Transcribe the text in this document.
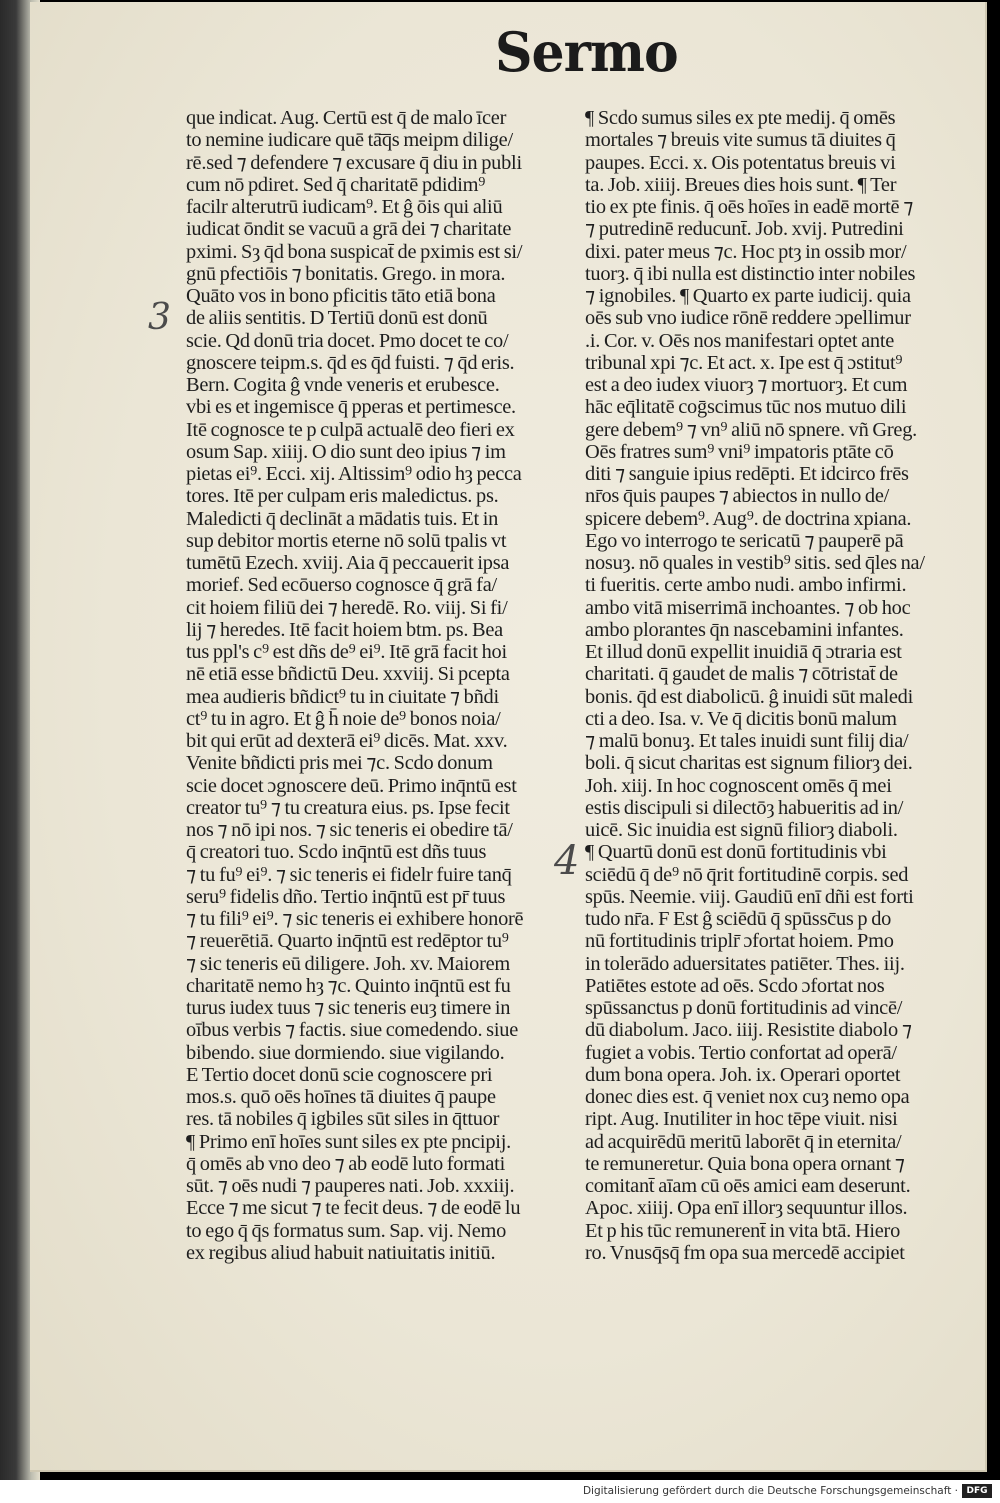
Sermo
3
4
que indicat. Aug. Certū est q̄ de malo īcer
to nemine iudicare quē tā̄q̄s meipm dilige/
rē.sed ⁊ defendere ⁊ excusare q̄ diu in publi
cum nō pdiret. Sed q̄ charitatē pdidim⁹
facilr alterutrū iudicam⁹. Et ĝ ōis qui aliū
iudicat ōndit se vacuū a grā dei ⁊ charitate
pximi. Sȝ q̄d bona suspicat̄ de pximis est si/
gnū pfectiōis ⁊ bonitatis. Grego. in mora.
Quāto vos in bono pficitis tāto etiā bona
de aliis sentitis. D Tertiū donū est donū
scie. Qd donū tria docet. Pmo docet te co/
gnoscere teipm.s. q̄d es q̄d fuisti. ⁊ q̄d eris.
Bern. Cogita ĝ vnde veneris et erubesce.
vbi es et ingemisce q̄ pperas et pertimesce.
Itē cognosce te p culpā actualē deo fieri ex
osum Sap. xiiij. O dio sunt deo ipius ⁊ im
pietas ei⁹. Ecci. xij. Altissim⁹ odio hȝ pecca
tores. Itē per culpam eris maledictus. ps.
Maledicti q̄ declināt a mādatis tuis. Et in
sup debitor mortis eterne nō solū tpalis vt
tumētū Ezech. xviij. Aia q̄ peccauerit ipsa
morief. Sed ecōuerso cognosce q̄ grā fa/
cit hoiem filiū dei ⁊ heredē. Ro. viij. Si fi/
lij ⁊ heredes. Itē facit hoiem btm. ps. Bea
tus ppl's c⁹ est dñs de⁹ ei⁹. Itē grā facit hoi
nē etiā esse bñdictū Deu. xxviij. Si pcepta
mea audieris bñdict⁹ tu in ciuitate ⁊ bñdi
ct⁹ tu in agro. Et ĝ h̄ noie de⁹ bonos noia/
bit qui erūt ad dexterā ei⁹ dicēs. Mat. xxv.
Venite bñdicti pris mei ⁊c. Scdo donum
scie docet ɔgnoscere deū. Primo inq̄ntū est
creator tu⁹ ⁊ tu creatura eius. ps. Ipse fecit
nos ⁊ nō ipi nos. ⁊ sic teneris ei obedire tā/
q̄ creatori tuo. Scdo inq̄ntū est dñs tuus
⁊ tu fu⁹ ei⁹. ⁊ sic teneris ei fidelr fuire tanq̄
seru⁹ fidelis dño. Tertio inq̄ntū est pr̄ tuus
⁊ tu fili⁹ ei⁹. ⁊ sic teneris ei exhibere honorē
⁊ reuerētiā. Quarto inq̄ntū est redēptor tu⁹
⁊ sic teneris eū diligere. Joh. xv. Maiorem
charitatē nemo hȝ ⁊c. Quinto inq̄ntū est fu
turus iudex tuus ⁊ sic teneris euȝ timere in
oībus verbis ⁊ factis. siue comedendo. siue
bibendo. siue dormiendo. siue vigilando.
E Tertio docet donū scie cognoscere pri
mos.s. quō oēs hoīnes tā diuites q̄ paupe
res. tā nobiles q̄ igbiles sūt siles in q̄ttuor
¶ Primo enī hoīes sunt siles ex pte pncipij.
q̄ omēs ab vno deo ⁊ ab eodē luto formati
sūt. ⁊ oēs nudi ⁊ pauperes nati. Job. xxxiij.
Ecce ⁊ me sicut ⁊ te fecit deus. ⁊ de eodē lu
to ego q̄ q̄s formatus sum. Sap. vij. Nemo
ex regibus aliud habuit natiuitatis initiū.
¶ Scdo sumus siles ex pte medij. q̄ omēs
mortales ⁊ breuis vite sumus tā diuites q̄
paupes. Ecci. x. Ois potentatus breuis vi
ta. Job. xiiij. Breues dies hois sunt. ¶ Ter
tio ex pte finis. q̄ oēs hoīes in eadē mortē ⁊
⁊ putredinē reducunt̄. Job. xvij. Putredini
dixi. pater meus ⁊c. Hoc ptȝ in ossib mor/
tuorȝ. q̄ ibi nulla est distinctio inter nobiles
⁊ ignobiles. ¶ Quarto ex parte iudicij. quia
oēs sub vno iudice rōnē reddere ɔpellimur
.i. Cor. v. Oēs nos manifestari optet ante
tribunal xpi ⁊c. Et act. x. Ipe est q̄ ɔstitut⁹
est a deo iudex viuorȝ ⁊ mortuorȝ. Et cum
hāc eq̄litatē coḡscimus tūc nos mutuo dili
gere debem⁹ ⁊ vn⁹ aliū nō spnere. vñ Greg.
Oēs fratres sum⁹ vni⁹ impatoris ptāte cō
diti ⁊ sanguie ipius redēpti. Et idcirco frēs
nr̄os q̄uis paupes ⁊ abiectos in nullo de/
spicere debem⁹. Aug⁹. de doctrina xpiana.
Ego vo interrogo te sericatū ⁊ pauperē pā
nosuȝ. nō quales in vestib⁹ sitis. sed q̄les na/
ti fueritis. certe ambo nudi. ambo infirmi.
ambo vitā miserrimā inchoantes. ⁊ ob hoc
ambo plorantes q̄n nascebamini infantes.
Et illud donū expellit inuidiā q̄ ɔtraria est
charitati. q̄ gaudet de malis ⁊ cōtristat̄ de
bonis. q̄d est diabolicū. ĝ inuidi sūt maledi
cti a deo. Isa. v. Ve q̄ dicitis bonū malum
⁊ malū bonuȝ. Et tales inuidi sunt filij dia/
boli. q̄ sicut charitas est signum filiorȝ dei.
Joh. xiij. In hoc cognoscent omēs q̄ mei
estis discipuli si dilectōȝ habueritis ad in/
uicē. Sic inuidia est signū filiorȝ diaboli.
¶ Quartū donū est donū fortitudinis vbi
sciēdū q̄ de⁹ nō q̄rit fortitudinē corpis. sed
spūs. Neemie. viij. Gaudiū enī dñi est forti
tudo nr̄a. F Est ĝ sciēdū q̄ spūssc̄us p do
nū fortitudinis triplr̄ ɔfortat hoiem. Pmo
in tolerādo aduersitates patiēter. Thes. iij.
Patiētes estote ad oēs. Scdo ɔfortat nos
spūssanctus p donū fortitudinis ad vincē/
dū diabolum. Jaco. iiij. Resistite diabolo ⁊
fugiet a vobis. Tertio confortat ad operā/
dum bona opera. Joh. ix. Operari oportet
donec dies est. q̄ veniet nox cuȝ nemo opa
ript. Aug. Inutiliter in hoc tēpe viuit. nisi
ad acquirēdū meritū laborēt q̄ in eternita/
te remuneretur. Quia bona opera ornant ⁊
comitant̄ aīam cū oēs amici eam deserunt.
Apoc. xiiij. Opa enī illorȝ sequuntur illos.
Et p his tūc remunerent̄ in vita btā. Hiero
ro. Vnusq̄sq̄ fm opa sua mercedē accipiet
Digitalisierung gefördert durch die Deutsche Forschungsgemeinschaft · DFG
